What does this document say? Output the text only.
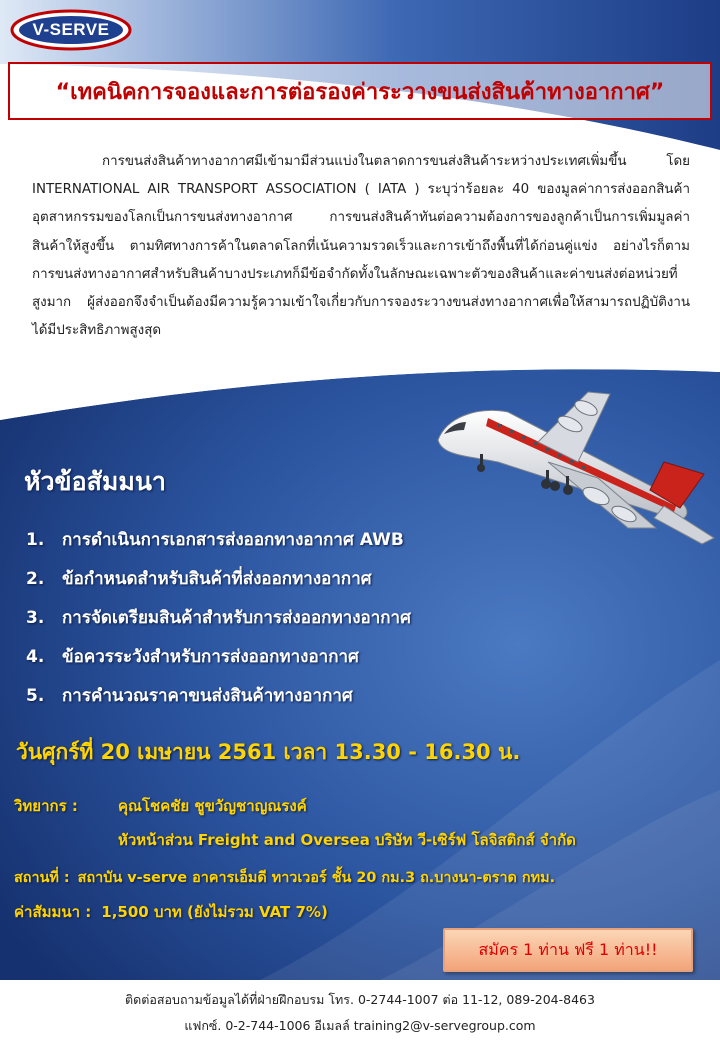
V-SERVE
“เทคนิคการจองและการต่อรองค่าระวางขนส่งสินค้าทางอากาศ”

การขนส่งสินค้าทางอากาศมีเข้ามามีส่วนแบ่งในตลาดการขนส่งสินค้าระหว่างประเทศเพิ่มขึ้น โดย INTERNATIONAL AIR TRANSPORT ASSOCIATION ( IATA ) ระบุว่าร้อยละ 40 ของมูลค่าการส่งออกสินค้าอุตสาหกรรมของโลกเป็นการขนส่งทางอากาศ การขนส่งสินค้าทันต่อความต้องการของลูกค้าเป็นการเพิ่มมูลค่าสินค้าให้สูงขึ้น ตามทิศทางการค้าในตลาดโลกที่เน้นความรวดเร็วและการเข้าถึงพื้นที่ได้ก่อนคู่แข่ง อย่างไรก็ตามการขนส่งทางอากาศสำหรับสินค้าบางประเภทก็มีข้อจำกัดทั้งในลักษณะเฉพาะตัวของสินค้าและค่าขนส่งต่อหน่วยที่สูงมาก ผู้ส่งออกจึงจำเป็นต้องมีความรู้ความเข้าใจเกี่ยวกับการจองระวางขนส่งทางอากาศเพื่อให้สามารถปฏิบัติงานได้มีประสิทธิภาพสูงสุด

หัวข้อสัมมนา
1.	การดำเนินการเอกสารส่งออกทางอากาศ AWB
2.	ข้อกำหนดสำหรับสินค้าที่ส่งออกทางอากาศ
3.	การจัดเตรียมสินค้าสำหรับการส่งออกทางอากาศ
4.	ข้อควรระวังสำหรับการส่งออกทางอากาศ
5.	การคำนวณราคาขนส่งสินค้าทางอากาศ
วันศุกร์ที่ 20 เมษายน 2561 เวลา 13.30 - 16.30 น.
วิทยากร :	คุณโชคชัย ชูขวัญชาญณรงค์
หัวหน้าส่วน Freight and Oversea บริษัท วี-เซิร์ฟ โลจิสติกส์ จำกัด
สถานที่ : สถาบัน v-serve อาคารเอ็มดี ทาวเวอร์ ชั้น 20 กม.3 ถ.บางนา-ตราด กทม.
ค่าสัมมนา : 1,500 บาท (ยังไม่รวม VAT 7%)
สมัคร 1 ท่าน ฟรี 1 ท่าน!!
ติดต่อสอบถามข้อมูลได้ที่ฝ่ายฝึกอบรม โทร. 0-2744-1007 ต่อ 11-12, 089-204-8463
แฟกซ์. 0-2-744-1006 อีเมลล์ training2@v-servegroup.com
